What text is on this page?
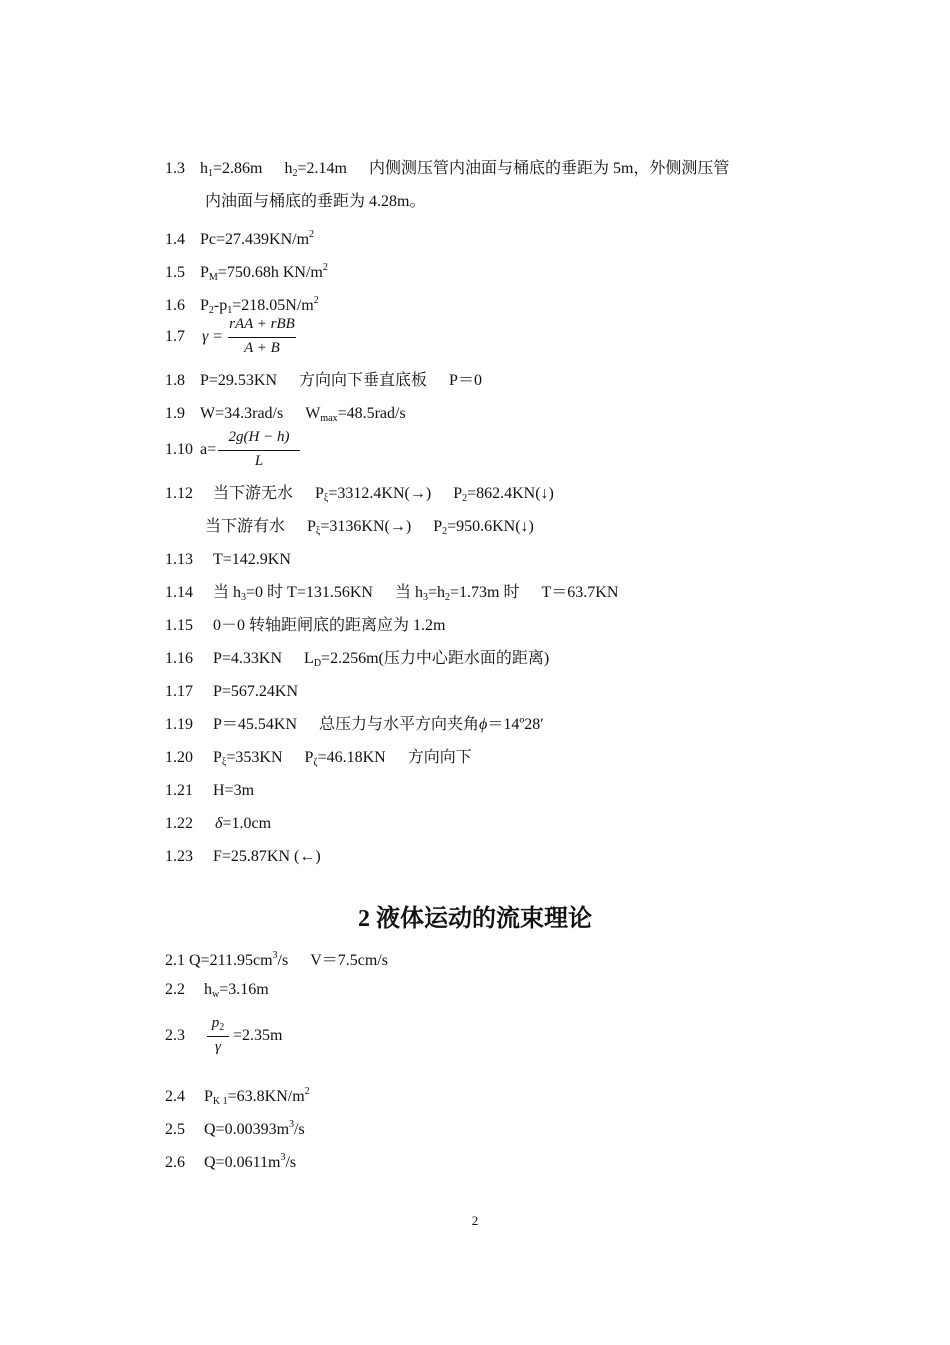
1.3 $h_1=2.86m$ $h_2=2.14m$ 内侧测压管内油面与桶底的垂距为 5m，外侧测压管
内油面与桶底的垂距为 4.28m。
1.4 $Pc=27.439KN/m^2$
1.5 $P_M=750.68h$ $KN/m^2$
1.6 $P_2-p_1=218.05N/m^2$
1.7 γ =
rAA + rBB
A + B
1.8 P=29.53KN 方向向下垂直底板 P＝0
1.9 W=34.3rad/s $W_{max}=48.5rad/s$
1.10 a=
2g(H − h)
L
1.12 当下游无水 $P_\xi=3312.4KN(\to)$ $P_2=862.4KN(↓)$
当下游有水 $P_\xi=3136KN(\to)$ $P_2=950.6KN(↓)$
1.13 T=142.9KN
1.14 当 $h_3=0$ 时 T=131.56KN 当 $h_3=h_2=1.73m$ 时 T＝63.7KN
1.15 0－0 转轴距闸底的距离应为 1.2m
1.16 P=4.33KN $L_D=2.256m$(压力中心距水面的距离)
1.17 P=567.24KN
1.19 P＝45.54KN 总压力与水平方向夹角ϕ＝14º28′
1.20 $P_\xi=353KN$ $P_\zeta=46.18KN$ 方向向下
1.21 H=3m
1.22 δ=1.0cm
1.23 F=25.87KN (←)
2 液体运动的流束理论
2.1 $Q=211.95cm^3/s$ V＝7.5cm/s
2.2 $h_w=3.16m$
2.3	=2.35m
$p_2$
γ
2.4 $P_{K 1}=63.8KN/m^2$
2.5 $Q=0.00393m^3/s$
2.6 $Q=0.0611m^3/s$
2
